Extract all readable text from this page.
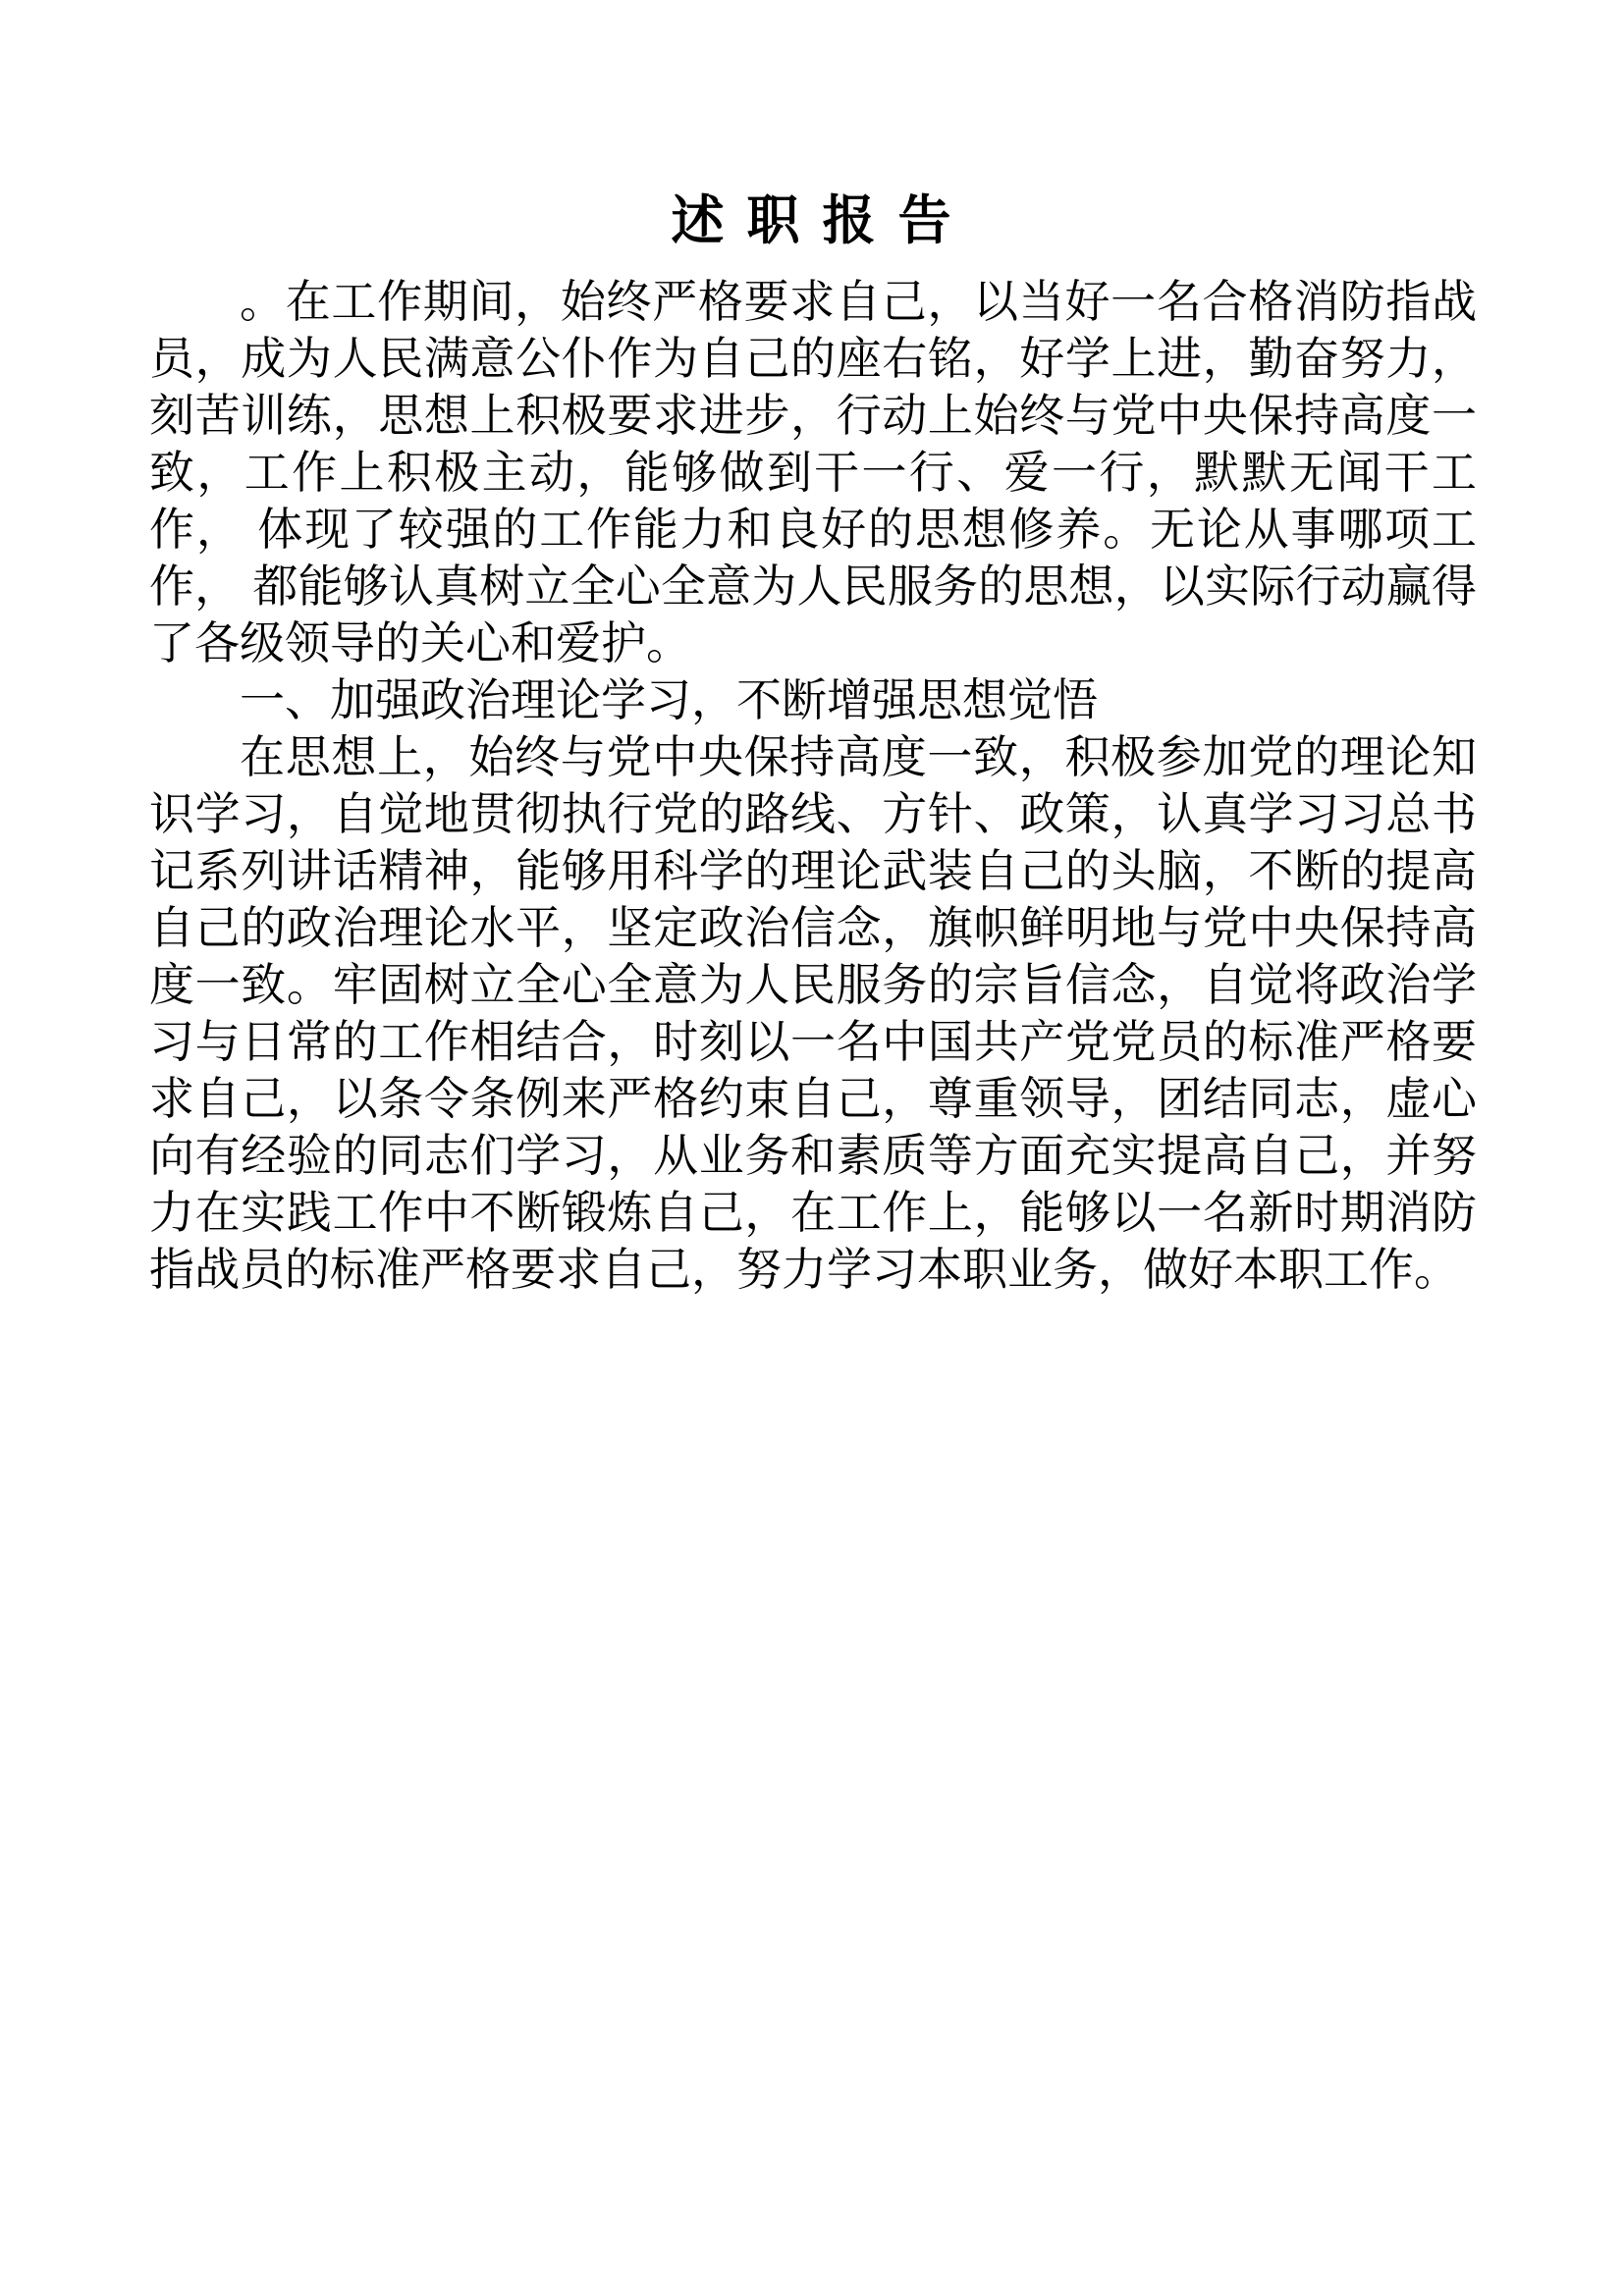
述 职 报 告

。在工作期间，始终严格要求自己，以当好一名合格消防指战员，成为人民满意公仆作为自己的座右铭，好学上进，勤奋努力，刻苦训练，思想上积极要求进步，行动上始终与党中央保持高度一致，工作上积极主动，能够做到干一行、爱一行，默默无闻干工作， 体现了较强的工作能力和良好的思想修养。无论从事哪项工作， 都能够认真树立全心全意为人民服务的思想，以实际行动赢得了各级领导的关心和爱护。

一、加强政治理论学习，不断增强思想觉悟

在思想上，始终与党中央保持高度一致，积极参加党的理论知识学习，自觉地贯彻执行党的路线、方针、政策，认真学习习总书记系列讲话精神，能够用科学的理论武装自己的头脑，不断的提高自己的政治理论水平，坚定政治信念，旗帜鲜明地与党中央保持高度一致。牢固树立全心全意为人民服务的宗旨信念，自觉将政治学习与日常的工作相结合，时刻以一名中国共产党党员的标准严格要求自己，以条令条例来严格约束自己，尊重领导，团结同志，虚心向有经验的同志们学习，从业务和素质等方面充实提高自己，并努力在实践工作中不断锻炼自己，在工作上，能够以一名新时期消防指战员的标准严格要求自己，努力学习本职业务，做好本职工作。
